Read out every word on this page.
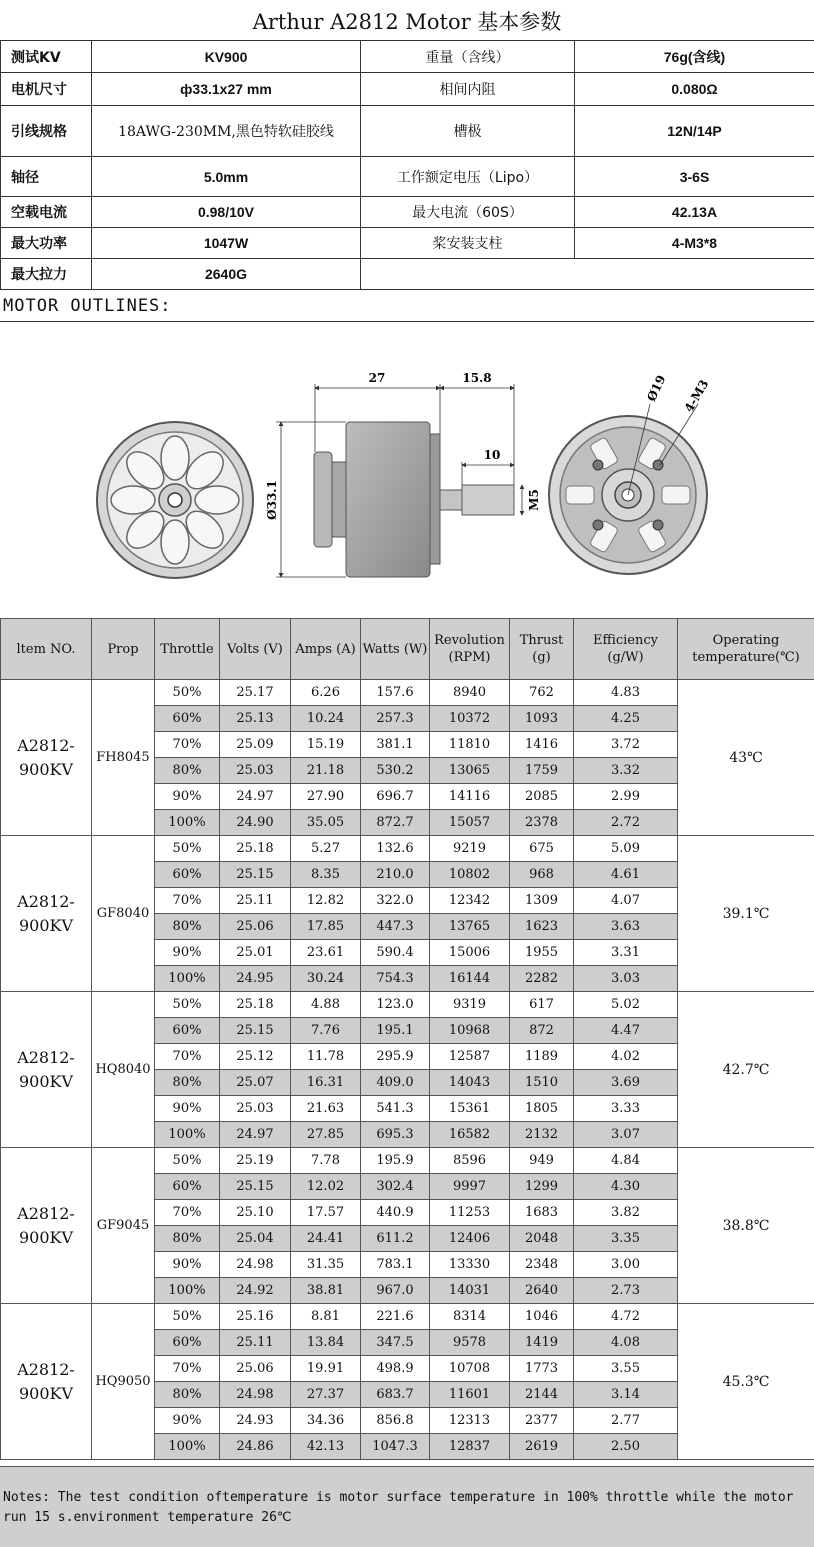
Arthur A2812 Motor 基本参数
测试KV	KV900	重量（含线）	76g(含线)
电机尺寸	ф33.1x27 mm	相间内阻	0.080Ω
引线规格	18AWG-230MM,黑色特软硅胶线	槽极	12N/14P
轴径	5.0mm	工作额定电压（Lipo）	3-6S
空载电流	0.98/10V	最大电流（60S）	42.13A
最大功率	1047W	桨安装支柱	4-M3*8
最大拉力	2640G		
MOTOR OUTLINES:
27	15.8
10
M5
Ø33.1
Ø19 4-M3
ltem NO.	Prop	Throttle	Volts (V)	Amps (A)	Watts (W)	Revolution (RPM)	Thrust (g)	Efficiency (g/W)	Operating temperature(℃)
A2812-900KV	FH8045	50%	25.17	6.26	157.6	8940	762	4.83	43℃
		60%	25.13	10.24	257.3	10372	1093	4.25	
		70%	25.09	15.19	381.1	11810	1416	3.72	
		80%	25.03	21.18	530.2	13065	1759	3.32	
		90%	24.97	27.90	696.7	14116	2085	2.99	
		100%	24.90	35.05	872.7	15057	2378	2.72	
A2812-900KV	GF8040	50%	25.18	5.27	132.6	9219	675	5.09	39.1℃
		60%	25.15	8.35	210.0	10802	968	4.61	
		70%	25.11	12.82	322.0	12342	1309	4.07	
		80%	25.06	17.85	447.3	13765	1623	3.63	
		90%	25.01	23.61	590.4	15006	1955	3.31	
		100%	24.95	30.24	754.3	16144	2282	3.03	
A2812-900KV	HQ8040	50%	25.18	4.88	123.0	9319	617	5.02	42.7℃
		60%	25.15	7.76	195.1	10968	872	4.47	
		70%	25.12	11.78	295.9	12587	1189	4.02	
		80%	25.07	16.31	409.0	14043	1510	3.69	
		90%	25.03	21.63	541.3	15361	1805	3.33	
		100%	24.97	27.85	695.3	16582	2132	3.07	
A2812-900KV	GF9045	50%	25.19	7.78	195.9	8596	949	4.84	38.8℃
		60%	25.15	12.02	302.4	9997	1299	4.30	
		70%	25.10	17.57	440.9	11253	1683	3.82	
		80%	25.04	24.41	611.2	12406	2048	3.35	
		90%	24.98	31.35	783.1	13330	2348	3.00	
		100%	24.92	38.81	967.0	14031	2640	2.73	
A2812-900KV	HQ9050	50%	25.16	8.81	221.6	8314	1046	4.72	45.3℃
		60%	25.11	13.84	347.5	9578	1419	4.08	
		70%	25.06	19.91	498.9	10708	1773	3.55	
		80%	24.98	27.37	683.7	11601	2144	3.14	
		90%	24.93	34.36	856.8	12313	2377	2.77	
		100%	24.86	42.13	1047.3	12837	2619	2.50	
Notes: The test condition oftemperature is motor surface temperature in 100% throttle while the motor run 15 s.environment temperature 26℃
